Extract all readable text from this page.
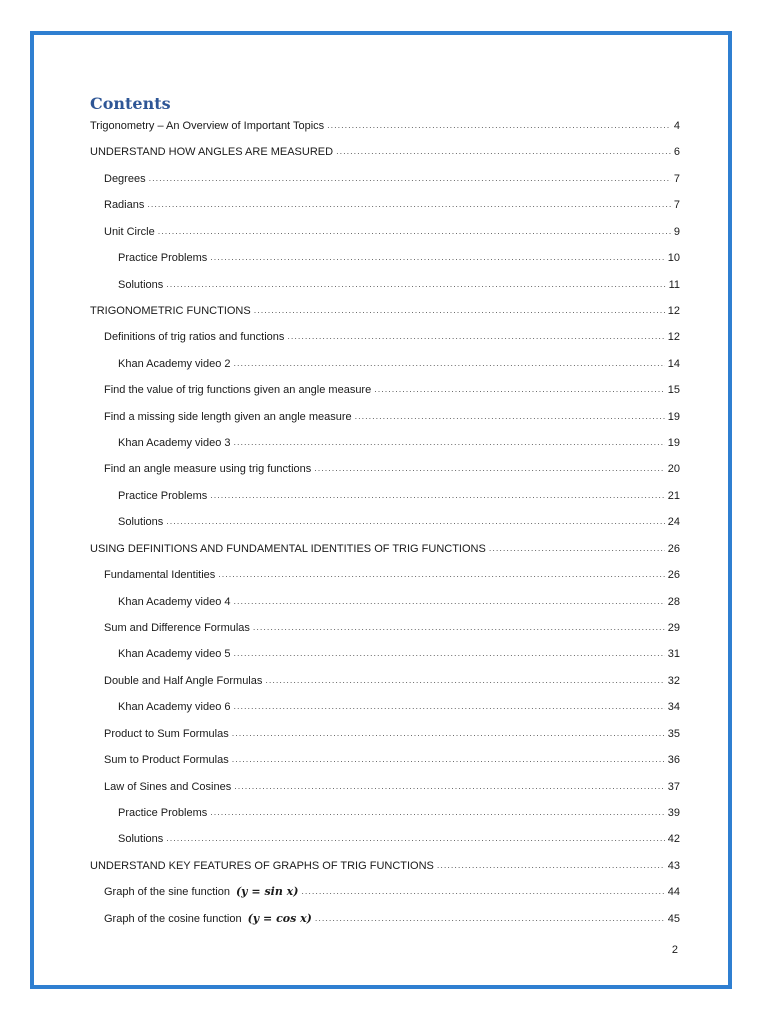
Contents
Trigonometry – An Overview of Important Topics .....	4
UNDERSTAND HOW ANGLES ARE MEASURED .....	6
Degrees .....	7
Radians .....	7
Unit Circle .....	9
Practice Problems .....	10
Solutions .....	11
TRIGONOMETRIC FUNCTIONS .....	12
Definitions of trig ratios and functions .....	12
Khan Academy video 2 .....	14
Find the value of trig functions given an angle measure .....	15
Find a missing side length given an angle measure .....	19
Khan Academy video 3 .....	19
Find an angle measure using trig functions .....	20
Practice Problems .....	21
Solutions .....	24
USING DEFINITIONS AND FUNDAMENTAL IDENTITIES OF TRIG FUNCTIONS .....	26
Fundamental Identities .....	26
Khan Academy video 4 .....	28
Sum and Difference Formulas .....	29
Khan Academy video 5 .....	31
Double and Half Angle Formulas .....	32
Khan Academy video 6 .....	34
Product to Sum Formulas .....	35
Sum to Product Formulas .....	36
Law of Sines and Cosines .....	37
Practice Problems .....	39
Solutions .....	42
UNDERSTAND KEY FEATURES OF GRAPHS OF TRIG FUNCTIONS .....	43
Graph of the sine function (𝒚 = 𝒔𝒊𝒏 𝒙) .....	44
Graph of the cosine function (𝒚 = 𝒄𝒐𝒔 𝒙) .....	45
2
